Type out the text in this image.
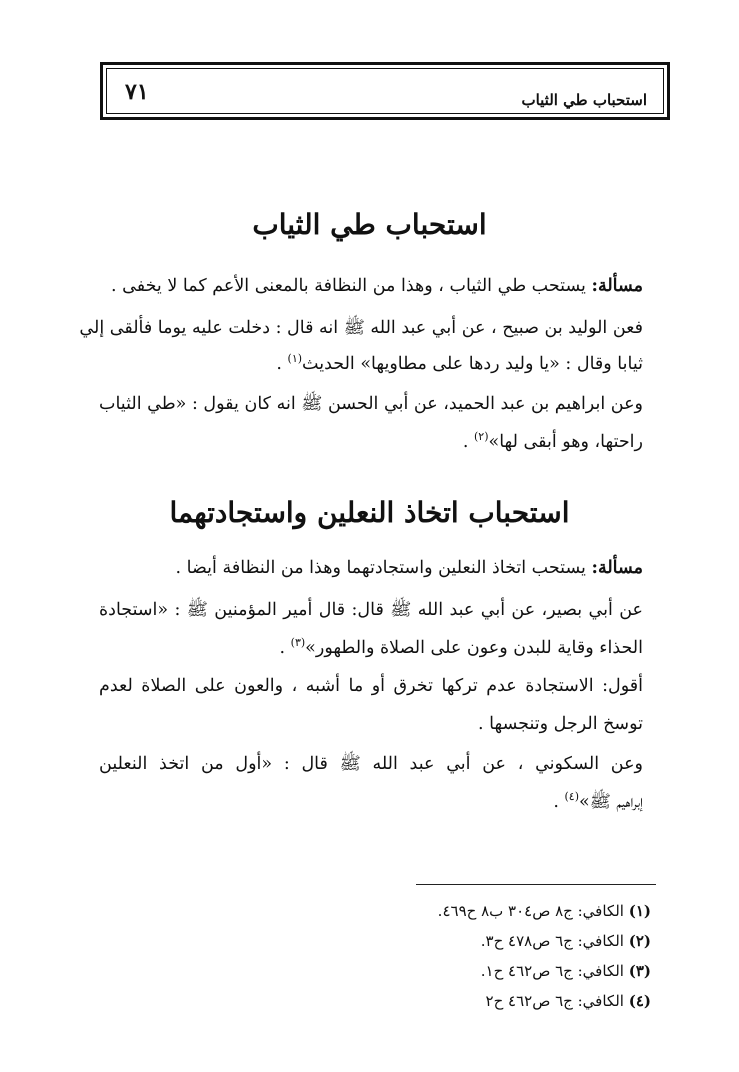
استحباب طي الثياب
٧١
استحباب طي الثياب
مسألة: يستحب طي الثياب ، وهذا من النظافة بالمعنى الأعم كما لا يخفى .
فعن الوليد بن صبيح ، عن أبي عبد الله ﷺ انه قال : دخلت عليه يوما فألقى إلي
ثيابا وقال : «يا وليد ردها على مطاويها» الحديث$^{(١)}$ .
وعن ابراهيم بن عبد الحميد، عن أبي الحسن ﷺ انه كان يقول : «طي الثياب
راحتها، وهو أبقى لها»$^{(٢)}$ .
استحباب اتخاذ النعلين واستجادتهما
مسألة: يستحب اتخاذ النعلين واستجادتهما وهذا من النظافة أيضا .
عن أبي بصير، عن أبي عبد الله ﷺ قال: قال أمير المؤمنين ﷺ : «استجادة
الحذاء وقاية للبدن وعون على الصلاة والطهور»$^{(٣)}$ .
أقول: الاستجادة عدم تركها تخرق أو ما أشبه ، والعون على الصلاة لعدم
توسخ الرجل وتنجسها .
وعن السكوني ، عن أبي عبد الله ﷺ قال : «أول من اتخذ النعلين
إبراهيم ﷺ»$^{(٤)}$ .
(١) الكافي: ج٨ ص٣٠٤ ب٨ ح٤٦٩.
(٢) الكافي: ج٦ ص٤٧٨ ح٣.
(٣) الكافي: ج٦ ص٤٦٢ ح١.
(٤) الكافي: ج٦ ص٤٦٢ ح٢
